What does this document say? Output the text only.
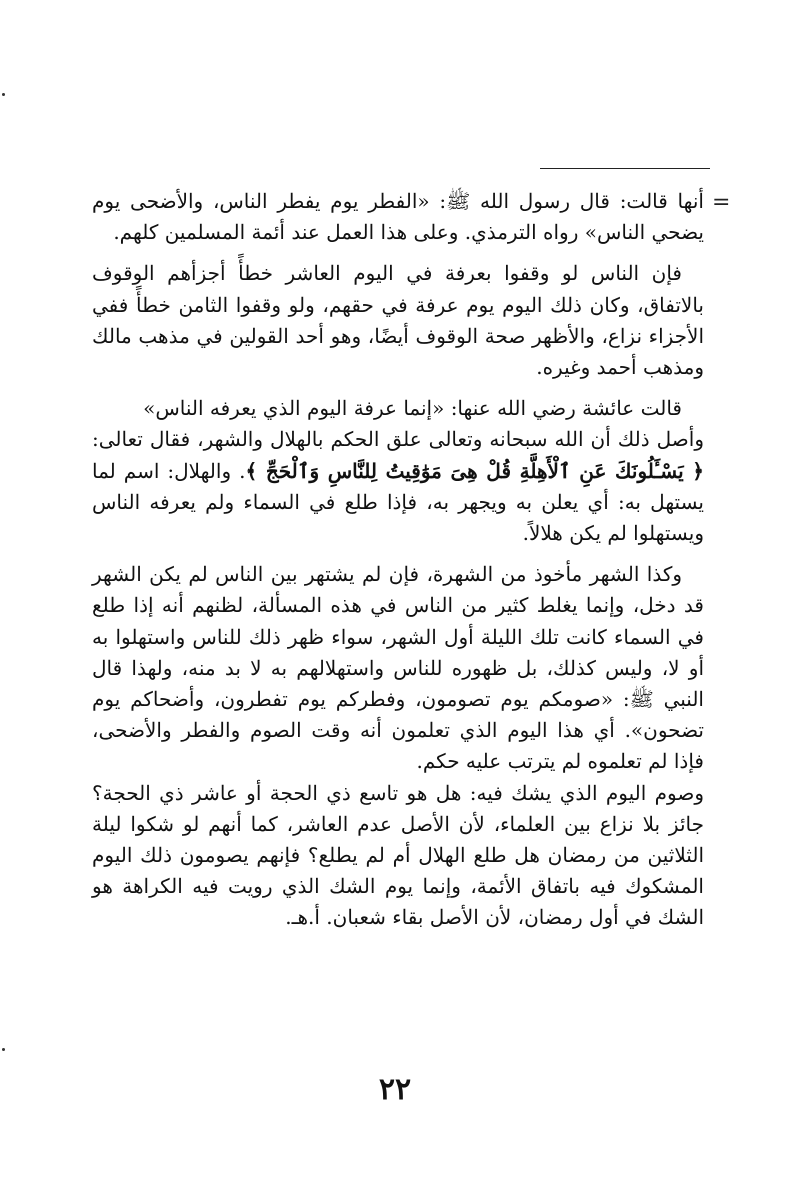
=

أنها قالت: قال رسول الله ﷺ: «الفطر يوم يفطر الناس، والأضحى يوم يضحي الناس» رواه الترمذي. وعلى هذا العمل عند أئمة المسلمين كلهم.

فإن الناس لو وقفوا بعرفة في اليوم العاشر خطأً أجزأهم الوقوف بالاتفاق، وكان ذلك اليوم يوم عرفة في حقهم، ولو وقفوا الثامن خطأً ففي الأجزاء نزاع، والأظهر صحة الوقوف أيضًا، وهو أحد القولين في مذهب مالك ومذهب أحمد وغيره.

قالت عائشة رضي الله عنها: «إنما عرفة اليوم الذي يعرفه الناس»

وأصل ذلك أن الله سبحانه وتعالى علق الحكم بالهلال والشهر، فقال تعالى: ﴿ يَسْـَٔلُونَكَ عَنِ ٱلْأَهِلَّةِ قُلْ هِىَ مَوَٰقِيتُ لِلنَّاسِ وَٱلْحَجِّ ﴾. والهلال: اسم لما يستهل به: أي يعلن به ويجهر به، فإذا طلع في السماء ولم يعرفه الناس ويستهلوا لم يكن هلالاً.

وكذا الشهر مأخوذ من الشهرة، فإن لم يشتهر بين الناس لم يكن الشهر قد دخل، وإنما يغلط كثير من الناس في هذه المسألة، لظنهم أنه إذا طلع في السماء كانت تلك الليلة أول الشهر، سواء ظهر ذلك للناس واستهلوا به أو لا، وليس كذلك، بل ظهوره للناس واستهلالهم به لا بد منه، ولهذا قال النبي ﷺ: «صومكم يوم تصومون، وفطركم يوم تفطرون، وأضحاكم يوم تضحون». أي هذا اليوم الذي تعلمون أنه وقت الصوم والفطر والأضحى، فإذا لم تعلموه لم يترتب عليه حكم.

وصوم اليوم الذي يشك فيه: هل هو تاسع ذي الحجة أو عاشر ذي الحجة؟ جائز بلا نزاع بين العلماء، لأن الأصل عدم العاشر، كما أنهم لو شكوا ليلة الثلاثين من رمضان هل طلع الهلال أم لم يطلع؟ فإنهم يصومون ذلك اليوم المشكوك فيه باتفاق الأئمة، وإنما يوم الشك الذي رويت فيه الكراهة هو الشك في أول رمضان، لأن الأصل بقاء شعبان. أ.هـ.

٢٢
